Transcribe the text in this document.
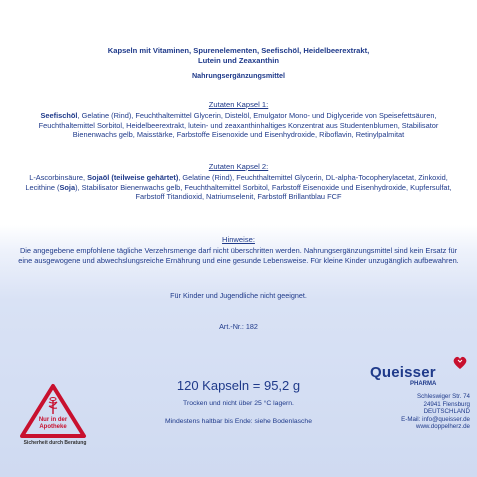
Kapseln mit Vitaminen, Spurenelementen, Seefischöl, Heidelbeerextrakt,
Lutein und Zeaxanthin
Nahrungsergänzungsmittel
Zutaten Kapsel 1:
Seefischöl, Gelatine (Rind), Feuchthaltemittel Glycerin, Distelöl, Emulgator Mono- und Diglyceride von Speisefettsäuren, Feuchthaltemittel Sorbitol, Heidelbeerextrakt, lutein- und zeaxanthinhaltiges Konzentrat aus Studentenblumen, Stabilisator Bienenwachs gelb, Maisstärke, Farbstoffe Eisenoxide und Eisenhydroxide, Riboflavin, Retinylpalmitat
Zutaten Kapsel 2:
L-Ascorbinsäure, Sojaöl (teilweise gehärtet), Gelatine (Rind), Feuchthaltemittel Glycerin, DL-alpha-Tocopherylacetat, Zinkoxid, Lecithine (Soja), Stabilisator Bienenwachs gelb, Feuchthaltemittel Sorbitol, Farbstoff Eisenoxide und Eisenhydroxide, Kupfersulfat, Farbstoff Titandioxid, Natriumselenit, Farbstoff Brillantblau FCF
Hinweise:
Die angegebene empfohlene tägliche Verzehrsmenge darf nicht überschritten werden. Nahrungsergänzungsmittel sind kein Ersatz für eine ausgewogene und abwechslungsreiche Ernährung und eine gesunde Lebensweise. Für kleine Kinder unzugänglich aufbewahren.
Für Kinder und Jugendliche nicht geeignet.
Art.-Nr.: 182
120 Kapseln = 95,2 g
Trocken und nicht über 25 °C lagern.
Mindestens haltbar bis Ende: siehe Bodenlasche
Nur in der
Apotheke
Sicherheit durch Beratung
Queisser
PHARMA
Schleswiger Str. 74
24941 Flensburg
DEUTSCHLAND
E-Mail: info@queisser.de
www.doppelherz.de
